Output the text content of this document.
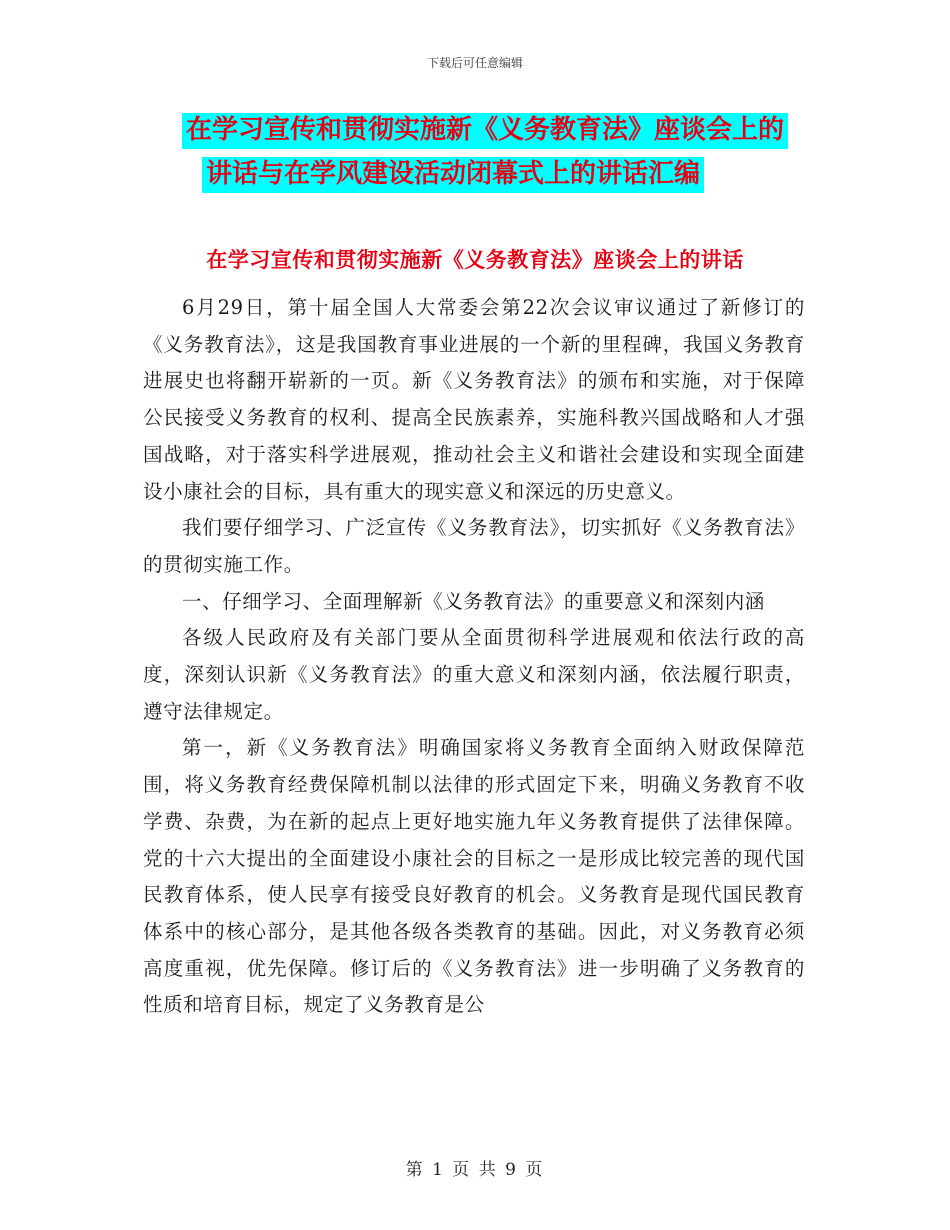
下载后可任意编辑
在学习宣传和贯彻实施新《义务教育法》座谈会上的
讲话与在学风建设活动闭幕式上的讲话汇编
在学习宣传和贯彻实施新《义务教育法》座谈会上的讲话

6月29日，第十届全国人大常委会第22次会议审议通过了新修订的《义务教育法》，这是我国教育事业进展的一个新的里程碑，我国义务教育进展史也将翻开崭新的一页。新《义务教育法》的颁布和实施，对于保障公民接受义务教育的权利、提高全民族素养，实施科教兴国战略和人才强国战略，对于落实科学进展观，推动社会主义和谐社会建设和实现全面建设小康社会的目标，具有重大的现实意义和深远的历史意义。

我们要仔细学习、广泛宣传《义务教育法》，切实抓好《义务教育法》的贯彻实施工作。

一、仔细学习、全面理解新《义务教育法》的重要意义和深刻内涵

各级人民政府及有关部门要从全面贯彻科学进展观和依法行政的高度，深刻认识新《义务教育法》的重大意义和深刻内涵，依法履行职责，遵守法律规定。

第一，新《义务教育法》明确国家将义务教育全面纳入财政保障范围，将义务教育经费保障机制以法律的形式固定下来，明确义务教育不收学费、杂费，为在新的起点上更好地实施九年义务教育提供了法律保障。党的十六大提出的全面建设小康社会的目标之一是形成比较完善的现代国民教育体系，使人民享有接受良好教育的机会。义务教育是现代国民教育体系中的核心部分，是其他各级各类教育的基础。因此，对义务教育必须高度重视，优先保障。修订后的《义务教育法》进一步明确了义务教育的性质和培育目标，规定了义务教育是公

第 1 页 共 9 页
